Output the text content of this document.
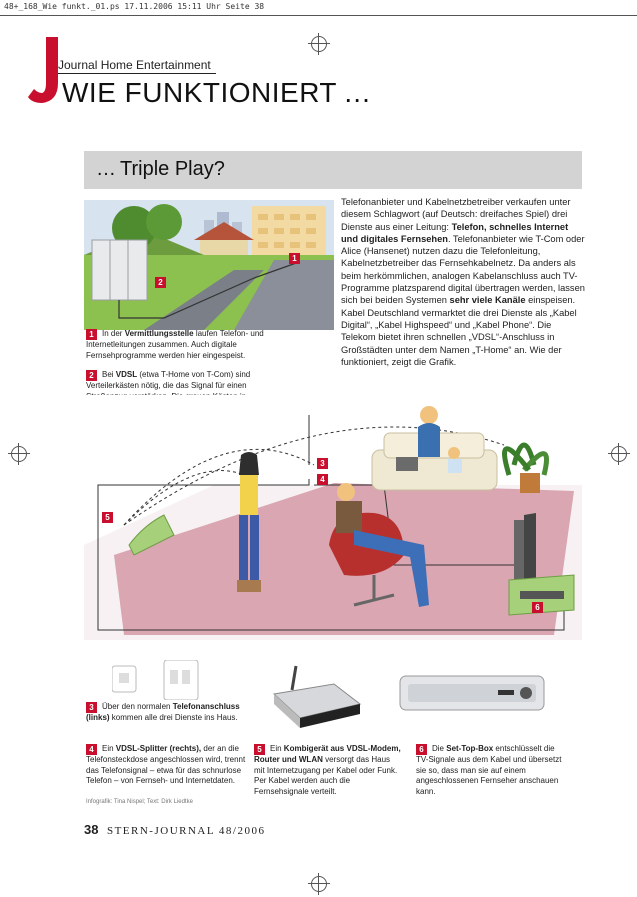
48+_168_Wie funkt._01.ps 17.11.2006 15:11 Uhr Seite 38
Journal Home Entertainment
WIE FUNKTIONIERT …
… Triple Play?
1
2
Telefonanbieter und Kabelnetzbetreiber verkaufen unter diesem Schlagwort (auf Deutsch: dreifaches Spiel) drei Dienste aus einer Leitung: Telefon, schnelles Internet und digitales Fernsehen. Telefonanbieter wie T-Com oder Alice (Hansenet) nutzen dazu die Telefonleitung, Kabelnetzbetreiber das Fernsehkabelnetz. Da anders als beim herkömmlichen, analogen Kabelanschluss auch TV-Programme platzsparend digital übertragen werden, lassen sich bei beiden Systemen sehr viele Kanäle einspeisen. Kabel Deutschland vermarktet die drei Dienste als „Kabel Digital“, „Kabel Highspeed“ und „Kabel Phone“. Die Telekom bietet ihren schnellen „VDSL“-Anschluss in Großstädten unter dem Namen „T-Home“ an. Wie der funktioniert, zeigt die Grafik.
1 In der Vermittlungsstelle laufen Telefon- und Internetleitungen zusammen. Auch digitale Fernsehprogramme werden hier eingespeist.
2 Bei VDSL (etwa T-Home von T-Com) sind Verteilerkästen nötig, die das Signal für einen
3
4
5
6
3 Über den normalen Telefonanschluss (links) kommen alle drei Dienste ins Haus.
4 Ein VDSL-Splitter (rechts), der an die Telefonsteckdose angeschlossen wird, trennt das Telefonsignal – etwa für das schnurlose Telefon – von Fernseh- und Internetdaten.
5 Ein Kombigerät aus VDSL-Modem, Router und WLAN versorgt das Haus mit Internetzugang per Kabel oder Funk. Per Kabel werden auch die Fernsehsignale verteilt.
6 Die Set-Top-Box entschlüsselt die TV-Signale aus dem Kabel und übersetzt sie so, dass man sie auf einem angeschlossenen Fernseher anschauen kann.
Infografik: Tina Nispel; Text: Dirk Liedtke
38 STERN-JOURNAL 48/2006
